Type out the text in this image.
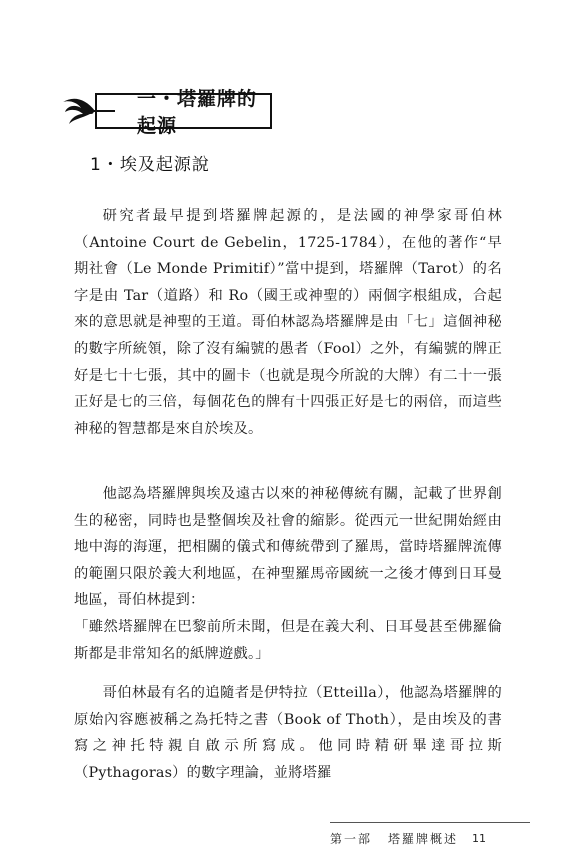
一・塔羅牌的起源
1・埃及起源說

研究者最早提到塔羅牌起源的，是法國的神學家哥伯林（Antoine Court de Gebelin，1725-1784），在他的著作“早期社會（Le Monde Primitif）”當中提到，塔羅牌（Tarot）的名字是由 Tar（道路）和 Ro（國王或神聖的）兩個字根組成，合起來的意思就是神聖的王道。哥伯林認為塔羅牌是由「七」這個神秘的數字所統領，除了沒有編號的愚者（Fool）之外，有編號的牌正好是七十七張，其中的圖卡（也就是現今所說的大牌）有二十一張正好是七的三倍，每個花色的牌有十四張正好是七的兩倍，而這些神秘的智慧都是來自於埃及。

他認為塔羅牌與埃及遠古以來的神秘傳統有關，記載了世界創生的秘密，同時也是整個埃及社會的縮影。從西元一世紀開始經由地中海的海運，把相關的儀式和傳統帶到了羅馬，當時塔羅牌流傳的範圍只限於義大利地區，在神聖羅馬帝國統一之後才傳到日耳曼地區，哥伯林提到：

「雖然塔羅牌在巴黎前所未聞，但是在義大利、日耳曼甚至佛羅倫斯都是非常知名的紙牌遊戲。」

哥伯林最有名的追隨者是伊特拉（Etteilla），他認為塔羅牌的原始內容應被稱之為托特之書（Book of Thoth），是由埃及的書寫之神托特親自啟示所寫成。他同時精研畢達哥拉斯（Pythagoras）的數字理論，並將塔羅

第一部 塔羅牌概述 11
